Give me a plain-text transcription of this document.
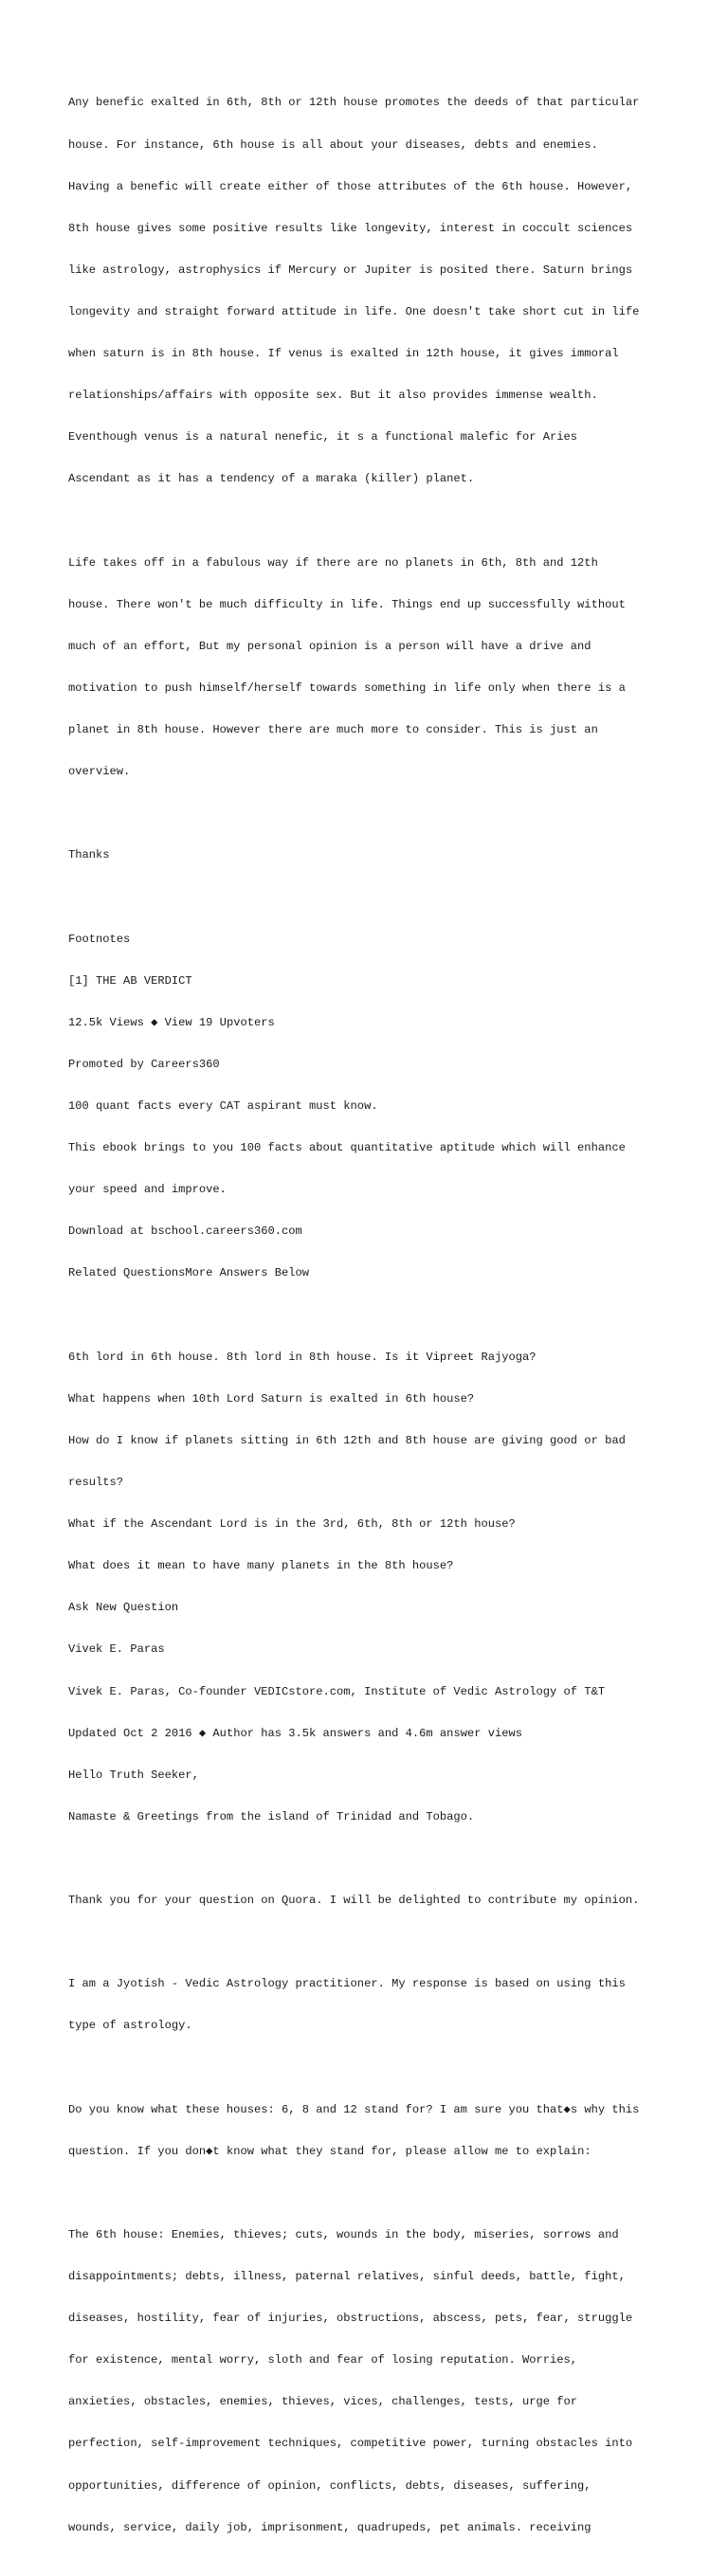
Any benefic exalted in 6th, 8th or 12th house promotes the deeds of that particular

house. For instance, 6th house is all about your diseases, debts and enemies.

Having a benefic will create either of those attributes of the 6th house. However,

8th house gives some positive results like longevity, interest in coccult sciences

like astrology, astrophysics if Mercury or Jupiter is posited there. Saturn brings

longevity and straight forward attitude in life. One doesn't take short cut in life

when saturn is in 8th house. If venus is exalted in 12th house, it gives immoral

relationships/affairs with opposite sex. But it also provides immense wealth.

Eventhough venus is a natural nenefic, it s a functional malefic for Aries

Ascendant as it has a tendency of a maraka (killer) planet.

Life takes off in a fabulous way if there are no planets in 6th, 8th and 12th

house. There won't be much difficulty in life. Things end up successfully without

much of an effort, But my personal opinion is a person will have a drive and

motivation to push himself/herself towards something in life only when there is a

planet in 8th house. However there are much more to consider. This is just an

overview.

Thanks

Footnotes

[1] THE AB VERDICT

12.5k Views ◆ View 19 Upvoters

Promoted by Careers360

100 quant facts every CAT aspirant must know.

This ebook brings to you 100 facts about quantitative aptitude which will enhance

your speed and improve.

Download at bschool.careers360.com

Related QuestionsMore Answers Below

6th lord in 6th house. 8th lord in 8th house. Is it Vipreet Rajyoga?

What happens when 10th Lord Saturn is exalted in 6th house?

How do I know if planets sitting in 6th 12th and 8th house are giving good or bad

results?

What if the Ascendant Lord is in the 3rd, 6th, 8th or 12th house?

What does it mean to have many planets in the 8th house?

Ask New Question

Vivek E. Paras

Vivek E. Paras, Co-founder VEDICstore.com, Institute of Vedic Astrology of T&T

Updated Oct 2 2016 ◆ Author has 3.5k answers and 4.6m answer views

Hello Truth Seeker,

Namaste & Greetings from the island of Trinidad and Tobago.

Thank you for your question on Quora. I will be delighted to contribute my opinion.

I am a Jyotish - Vedic Astrology practitioner. My response is based on using this

type of astrology.

Do you know what these houses: 6, 8 and 12 stand for? I am sure you that◆s why this

question. If you don◆t know what they stand for, please allow me to explain:

The 6th house: Enemies, thieves; cuts, wounds in the body, miseries, sorrows and

disappointments; debts, illness, paternal relatives, sinful deeds, battle, fight,

diseases, hostility, fear of injuries, obstructions, abscess, pets, fear, struggle

for existence, mental worry, sloth and fear of losing reputation. Worries,

anxieties, obstacles, enemies, thieves, vices, challenges, tests, urge for

perfection, self-improvement techniques, competitive power, turning obstacles into

opportunities, difference of opinion, conflicts, debts, diseases, suffering,

wounds, service, daily job, imprisonment, quadrupeds, pet animals. receiving
